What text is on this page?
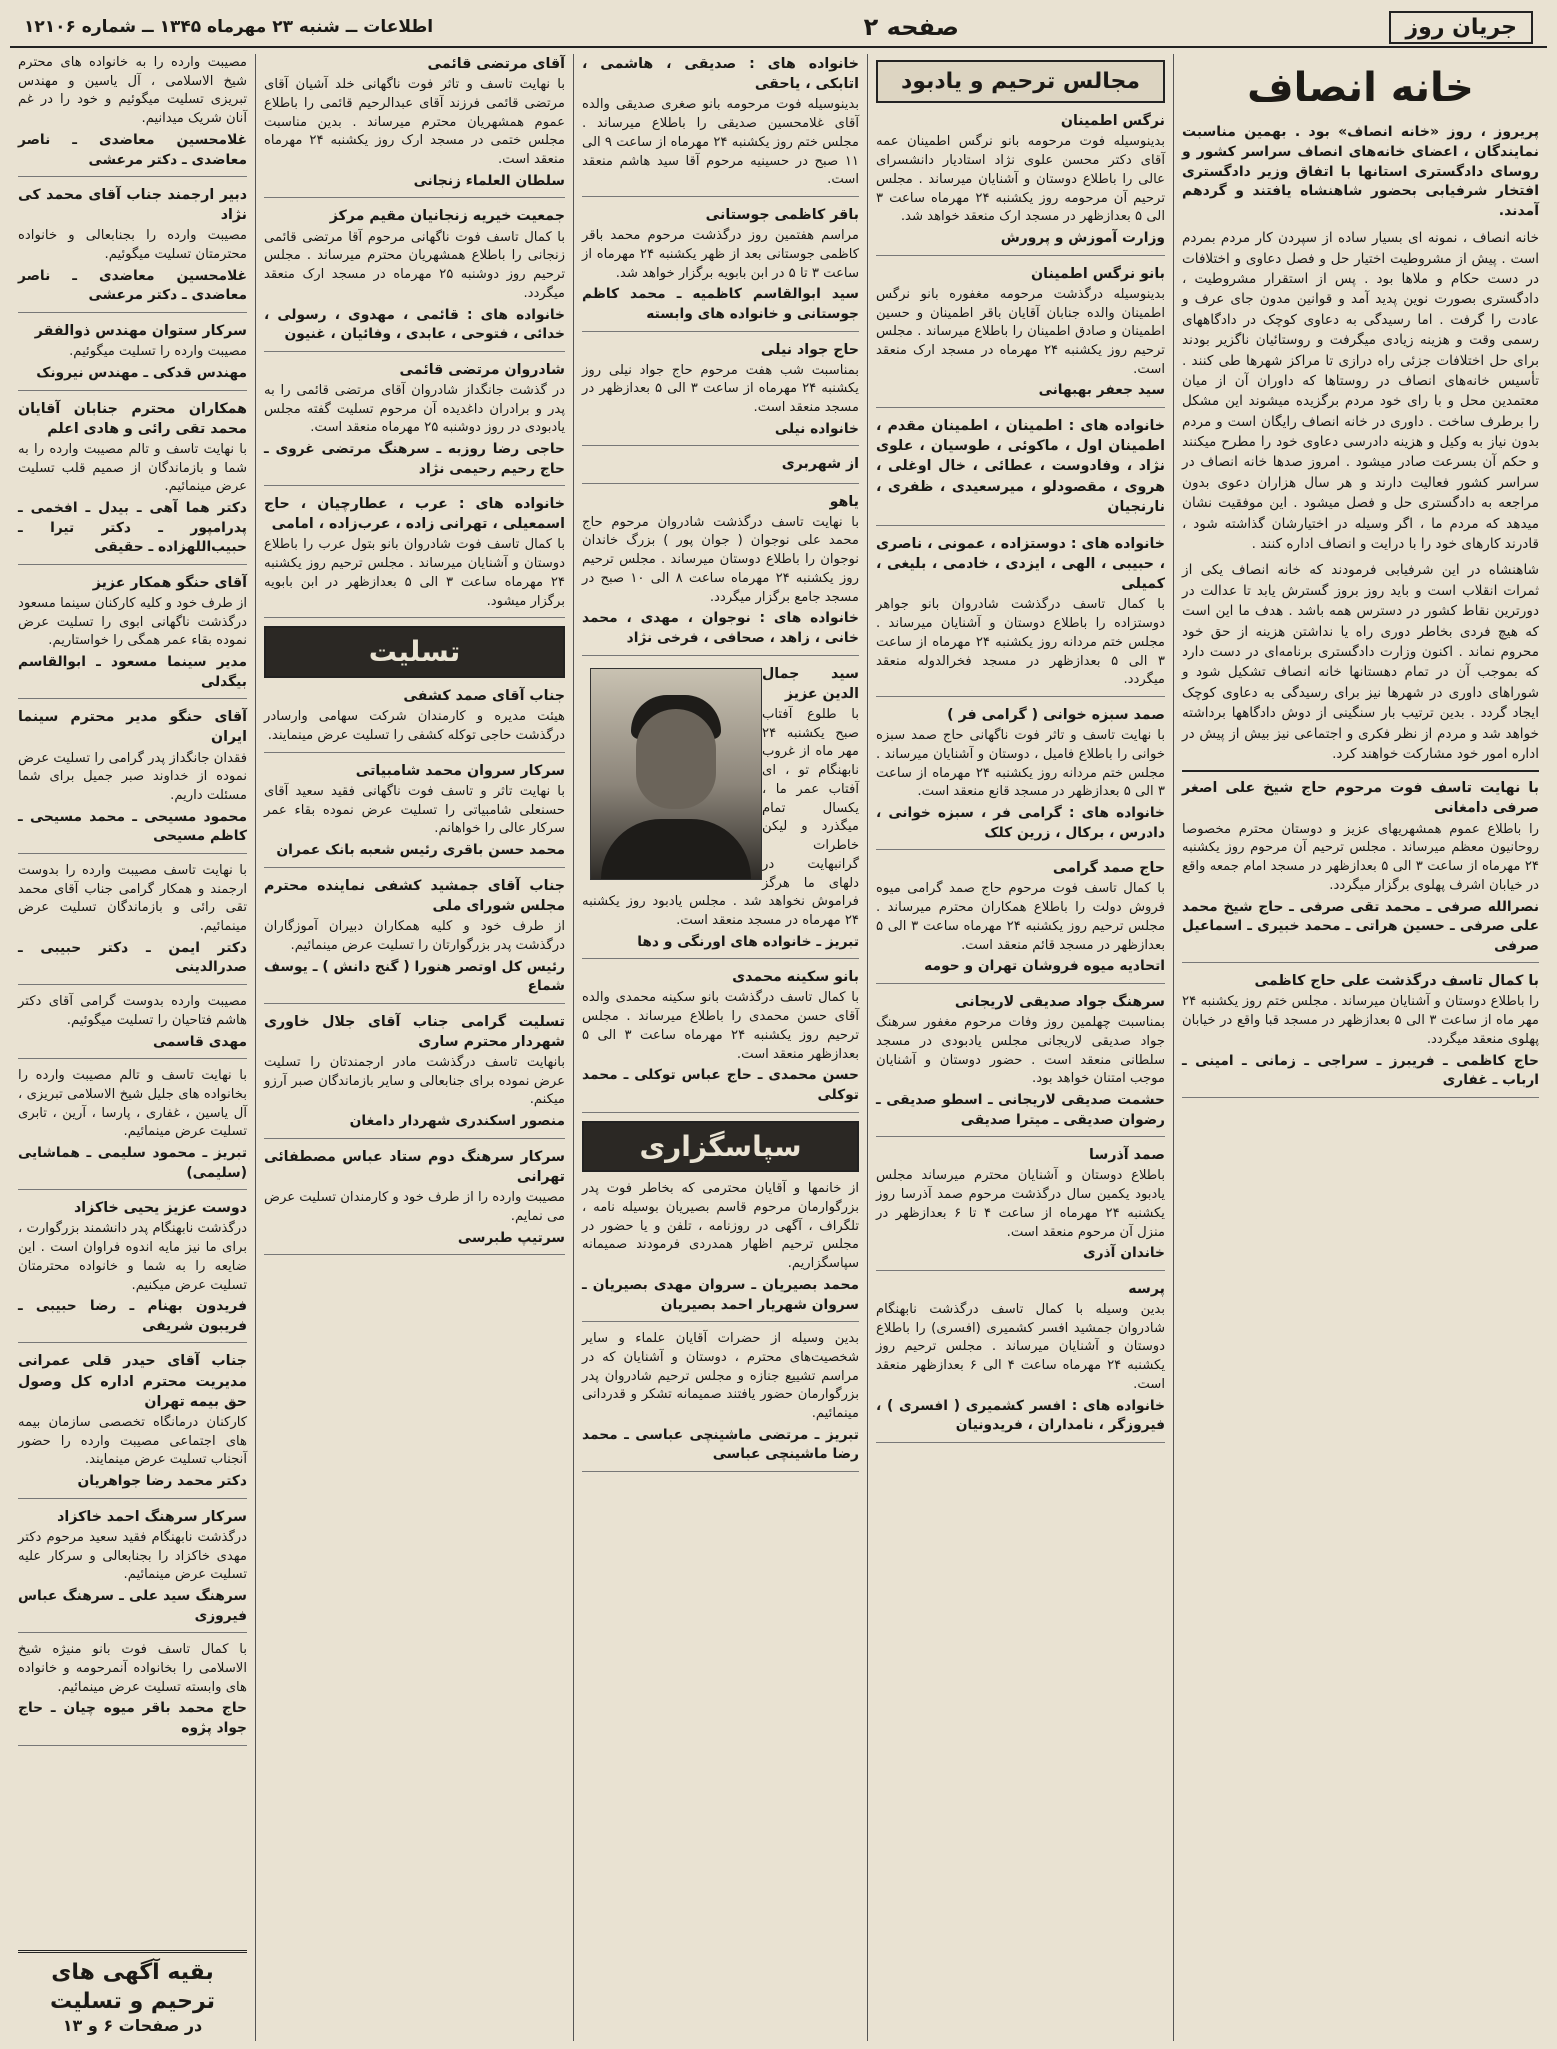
جریان روز
صفحه ۲
اطلاعات ــ شنبه ۲۳ مهرماه ۱۳۴۵ ــ شماره ۱۲۱۰۶
خانه انصاف
پریروز ، روز «خانه انصاف» بود . بهمین مناسبت نمایندگان ، اعضای خانه‌های انصاف سراسر کشور و روسای دادگستری استانها با اتفاق وزیر دادگستری افتخار شرفیابی بحضور شاهنشاه یافتند و گردهم آمدند.
خانه انصاف ، نمونه ای بسیار ساده از سپردن کار مردم بمردم است . پیش از مشروطیت اختیار حل و فصل دعاوی و اختلافات در دست حکام و ملاها بود . پس از استقرار مشروطیت ، دادگستری بصورت نوین پدید آمد و قوانین مدون جای عرف و عادت را گرفت . اما رسیدگی به دعاوی کوچک در دادگاههای رسمی وقت و هزینه زیادی میگرفت و روستائیان ناگزیر بودند برای حل اختلافات جزئی راه درازی تا مراکز شهرها طی کنند . تأسیس خانه‌های انصاف در روستاها که داوران آن از میان معتمدین محل و با رای خود مردم برگزیده میشوند این مشکل را برطرف ساخت . داوری در خانه انصاف رایگان است و مردم بدون نیاز به وکیل و هزینه دادرسی دعاوی خود را مطرح میکنند و حکم آن بسرعت صادر میشود . امروز صدها خانه انصاف در سراسر کشور فعالیت دارند و هر سال هزاران دعوی بدون مراجعه به دادگستری حل و فصل میشود . این موفقیت نشان میدهد که مردم ما ، اگر وسیله در اختیارشان گذاشته شود ، قادرند کارهای خود را با درایت و انصاف اداره کنند .
شاهنشاه در این شرفیابی فرمودند که خانه انصاف یکی از ثمرات انقلاب است و باید روز بروز گسترش یابد تا عدالت در دورترین نقاط کشور در دسترس همه باشد . هدف ما این است که هیچ فردی بخاطر دوری راه یا نداشتن هزینه از حق خود محروم نماند . اکنون وزارت دادگستری برنامه‌ای در دست دارد که بموجب آن در تمام دهستانها خانه انصاف تشکیل شود و شوراهای داوری در شهرها نیز برای رسیدگی به دعاوی کوچک ایجاد گردد . بدین ترتیب بار سنگینی از دوش دادگاهها برداشته خواهد شد و مردم از نظر فکری و اجتماعی نیز بیش از پیش در اداره امور خود مشارکت خواهند کرد.
با نهایت تاسف فوت مرحوم حاج شیخ علی اصغر صرفی دامغانی
را باطلاع عموم همشهریهای عزیز و دوستان محترم مخصوصا روحانیون معظم میرساند . مجلس ترحیم آن مرحوم روز یکشنبه ۲۴ مهرماه از ساعت ۳ الی ۵ بعدازظهر در مسجد امام جمعه واقع در خیابان اشرف پهلوی برگزار میگردد.
نصرالله صرفی ـ محمد تقی صرفی ـ حاج شیخ محمد علی صرفی ـ حسین هراتی ـ محمد خبیری ـ اسماعیل صرفی
با کمال تاسف درگذشت علی حاج کاظمی
را باطلاع دوستان و آشنایان میرساند . مجلس ختم روز یکشنبه ۲۴ مهر ماه از ساعت ۳ الی ۵ بعدازظهر در مسجد قبا واقع در خیابان پهلوی منعقد میگردد.
حاج کاظمی ـ فریبرز ـ سراجی ـ زمانی ـ امینی ـ ارباب ـ غفاری
مجالس ترحیم و یادبود
نرگس اطمینان
بدینوسیله فوت مرحومه بانو نرگس اطمینان عمه آقای دکتر محسن علوی نژاد استادیار دانشسرای عالی را باطلاع دوستان و آشنایان میرساند . مجلس ترحیم آن مرحومه روز یکشنبه ۲۴ مهرماه ساعت ۳ الی ۵ بعدازظهر در مسجد ارک منعقد خواهد شد.
وزارت آموزش و پرورش
بانو نرگس اطمینان
بدینوسیله درگذشت مرحومه مغفوره بانو نرگس اطمینان والده جنابان آقایان باقر اطمینان و حسین اطمینان و صادق اطمینان را باطلاع میرساند . مجلس ترحیم روز یکشنبه ۲۴ مهرماه در مسجد ارک منعقد است.
سید جعفر بهبهانی
خانواده های : اطمینان ، اطمینان مقدم ، اطمینان اول ، ماکوئی ، طوسیان ، علوی نژاد ، وفادوست ، عطائی ، خال اوغلی ، هروی ، مقصودلو ، میرسعیدی ، ظفری ، نارنجیان
خانواده های : دوستزاده ، عمونی ، ناصری ، حبیبی ، الهی ، ایزدی ، خادمی ، بلیغی ، کمیلی
با کمال تاسف درگذشت شادروان بانو جواهر دوستزاده را باطلاع دوستان و آشنایان میرساند . مجلس ختم مردانه روز یکشنبه ۲۴ مهرماه از ساعت ۳ الی ۵ بعدازظهر در مسجد فخرالدوله منعقد میگردد.
صمد سبزه خوانی ( گرامی فر )
با نهایت تاسف و تاثر فوت ناگهانی حاج صمد سبزه خوانی را باطلاع فامیل ، دوستان و آشنایان میرساند . مجلس ختم مردانه روز یکشنبه ۲۴ مهرماه از ساعت ۳ الی ۵ بعدازظهر در مسجد قانع منعقد است.
خانواده های : گرامی فر ، سبزه خوانی ، دادرس ، برکال ، زرین کلک
حاج صمد گرامی
با کمال تاسف فوت مرحوم حاج صمد گرامی میوه فروش دولت را باطلاع همکاران محترم میرساند . مجلس ترحیم روز یکشنبه ۲۴ مهرماه ساعت ۳ الی ۵ بعدازظهر در مسجد قائم منعقد است.
اتحادیه میوه فروشان تهران و حومه
سرهنگ جواد صدیقی لاریجانی
بمناسبت چهلمین روز وفات مرحوم مغفور سرهنگ جواد صدیقی لاریجانی مجلس یادبودی در مسجد سلطانی منعقد است . حضور دوستان و آشنایان موجب امتنان خواهد بود.
حشمت صدیقی لاریجانی ـ اسطو صدیقی ـ رضوان صدیقی ـ میترا صدیقی
صمد آذرسا
باطلاع دوستان و آشنایان محترم میرساند مجلس یادبود یکمین سال درگذشت مرحوم صمد آذرسا روز یکشنبه ۲۴ مهرماه از ساعت ۴ تا ۶ بعدازظهر در منزل آن مرحوم منعقد است.
خاندان آذری
پرسه
بدین وسیله با کمال تاسف درگذشت نابهنگام شادروان جمشید افسر کشمیری (افسری) را باطلاع دوستان و آشنایان میرساند . مجلس ترحیم روز یکشنبه ۲۴ مهرماه ساعت ۴ الی ۶ بعدازظهر منعقد است.
خانواده های : افسر کشمیری ( افسری ) ، فیروزگر ، نامداران ، فریدونیان
خانواده های : صدیقی ، هاشمی ، اتابکی ، یاحقی
بدینوسیله فوت مرحومه بانو صغری صدیقی والده آقای غلامحسین صدیقی را باطلاع میرساند . مجلس ختم روز یکشنبه ۲۴ مهرماه از ساعت ۹ الی ۱۱ صبح در حسینیه مرحوم آقا سید هاشم منعقد است.
باقر کاظمی جوستانی
مراسم هفتمین روز درگذشت مرحوم محمد باقر کاظمی جوستانی بعد از ظهر یکشنبه ۲۴ مهرماه از ساعت ۳ تا ۵ در ابن بابویه برگزار خواهد شد.
سید ابوالقاسم کاظمیه ـ محمد کاظم جوستانی و خانواده های وابسته
حاج جواد نیلی
بمناسبت شب هفت مرحوم حاج جواد نیلی روز یکشنبه ۲۴ مهرماه از ساعت ۳ الی ۵ بعدازظهر در مسجد منعقد است.
خانواده نیلی
از شهربری
یاهو
با نهایت تاسف درگذشت شادروان مرحوم حاج محمد علی نوجوان ( جوان پور ) بزرگ خاندان نوجوان را باطلاع دوستان میرساند . مجلس ترحیم روز یکشنبه ۲۴ مهرماه ساعت ۸ الی ۱۰ صبح در مسجد جامع برگزار میگردد.
خانواده های : نوجوان ، مهدی ، محمد خانی ، زاهد ، صحافی ، فرخی نژاد
سید جمال الدین عزیز
با طلوع آفتاب صبح یکشنبه ۲۴ مهر ماه از غروب نابهنگام تو ، ای آفتاب عمر ما ، یکسال تمام میگذرد و لیکن خاطرات گرانبهایت در دلهای ما هرگز فراموش نخواهد شد . مجلس یادبود روز یکشنبه ۲۴ مهرماه در مسجد منعقد است.
تبریز ـ خانواده های اورنگی و دها
بانو سکینه محمدی
با کمال تاسف درگذشت بانو سکینه محمدی والده آقای حسن محمدی را باطلاع میرساند . مجلس ترحیم روز یکشنبه ۲۴ مهرماه ساعت ۳ الی ۵ بعدازظهر منعقد است.
حسن محمدی ـ حاج عباس توکلی ـ محمد توکلی
سپاسگزاری
از خانمها و آقایان محترمی که بخاطر فوت پدر بزرگوارمان مرحوم قاسم بصیریان بوسیله نامه ، تلگراف ، آگهی در روزنامه ، تلفن و یا حضور در مجلس ترحیم اظهار همدردی فرمودند صمیمانه سپاسگزاریم.
محمد بصیریان ـ سروان مهدی بصیریان ـ سروان شهریار احمد بصیریان
بدین وسیله از حضرات آقایان علماء و سایر شخصیت‌های محترم ، دوستان و آشنایان که در مراسم تشییع جنازه و مجلس ترحیم شادروان پدر بزرگوارمان حضور یافتند صمیمانه تشکر و قدردانی مینمائیم.
تبریز ـ مرتضی ماشینچی عباسی ـ محمد رضا ماشینچی عباسی
آقای مرتضی قائمی
با نهایت تاسف و تاثر فوت ناگهانی خلد آشیان آقای مرتضی قائمی فرزند آقای عبدالرحیم قائمی را باطلاع عموم همشهریان محترم میرساند . بدین مناسبت مجلس ختمی در مسجد ارک روز یکشنبه ۲۴ مهرماه منعقد است.
سلطان العلماء زنجانی
جمعیت خیریه زنجانیان مقیم مرکز
با کمال تاسف فوت ناگهانی مرحوم آقا مرتضی قائمی زنجانی را باطلاع همشهریان محترم میرساند . مجلس ترحیم روز دوشنبه ۲۵ مهرماه در مسجد ارک منعقد میگردد.
خانواده های : قائمی ، مهدوی ، رسولی ، خدائی ، فتوحی ، عابدی ، وفائیان ، غنیون
شادروان مرتضی قائمی
در گذشت جانگداز شادروان آقای مرتضی قائمی را به پدر و برادران داغدیده آن مرحوم تسلیت گفته مجلس یادبودی در روز دوشنبه ۲۵ مهرماه منعقد است.
حاجی رضا روزبه ـ سرهنگ مرتضی غروی ـ حاج رحیم رحیمی نژاد
خانواده های : عرب ، عطارچیان ، حاج اسمعیلی ، تهرانی زاده ، عرب‌زاده ، امامی
با کمال تاسف فوت شادروان بانو بتول عرب را باطلاع دوستان و آشنایان میرساند . مجلس ترحیم روز یکشنبه ۲۴ مهرماه ساعت ۳ الی ۵ بعدازظهر در ابن بابویه برگزار میشود.
تسلیت
جناب آقای صمد کشفی
هیئت مدیره و کارمندان شرکت سهامی وارسادر درگذشت حاجی توکله کشفی را تسلیت عرض مینمایند.
سرکار سروان محمد شامبیاتی
با نهایت تاثر و تاسف فوت ناگهانی فقید سعید آقای حسنعلی شامبیاتی را تسلیت عرض نموده بقاء عمر سرکار عالی را خواهانم.
محمد حسن باقری رئیس شعبه بانک عمران
جناب آقای جمشید کشفی نماینده محترم مجلس شورای ملی
از طرف خود و کلیه همکاران دبیران آموزگاران درگذشت پدر بزرگوارتان را تسلیت عرض مینمائیم.
رئیس کل اوتصر هنورا ( گنج دانش ) ـ یوسف شماع
تسلیت گرامی جناب آقای جلال خاوری شهردار محترم ساری
بانهایت تاسف درگذشت مادر ارجمندتان را تسلیت عرض نموده برای جنابعالی و سایر بازماندگان صبر آرزو میکنم.
منصور اسکندری شهردار دامغان
سرکار سرهنگ دوم ستاد عباس مصطفائی تهرانی
مصیبت وارده را از طرف خود و کارمندان تسلیت عرض می نمایم.
سرتیپ طبرسی
مصیبت وارده را به خانواده های محترم شیخ الاسلامی ، آل یاسین و مهندس تبریزی تسلیت میگوئیم و خود را در غم آنان شریک میدانیم.
غلامحسین معاضدی ـ ناصر معاضدی ـ دکتر مرعشی
دبیر ارجمند جناب آقای محمد کی نژاد
مصیبت وارده را بجنابعالی و خانواده محترمتان تسلیت میگوئیم.
غلامحسین معاضدی ـ ناصر معاضدی ـ دکتر مرعشی
سرکار ستوان مهندس ذوالفقر
مصیبت وارده را تسلیت میگوئیم.
مهندس قدکی ـ مهندس نیرونک
همکاران محترم جنابان آقایان محمد تقی رائی و هادی اعلم
با نهایت تاسف و تالم مصیبت وارده را به شما و بازماندگان از صمیم قلب تسلیت عرض مینمائیم.
دکتر هما آهی ـ بیدل ـ افخمی ـ پدرامپور ـ دکتر تیرا ـ حبیب‌اللهزاده ـ حقیقی
آقای حنگو همکار عزیز
از طرف خود و کلیه کارکنان سینما مسعود درگذشت ناگهانی ابوی را تسلیت عرض نموده بقاء عمر همگی را خواستاریم.
مدیر سینما مسعود ـ ابوالقاسم بیگدلی
آقای حنگو مدیر محترم سینما ایران
فقدان جانگداز پدر گرامی را تسلیت عرض نموده از خداوند صبر جمیل برای شما مسئلت داریم.
محمود مسیحی ـ محمد مسیحی ـ کاظم مسیحی
با نهایت تاسف مصیبت وارده را بدوست ارجمند و همکار گرامی جناب آقای محمد تقی رائی و بازماندگان تسلیت عرض مینمائیم.
دکتر ایمن ـ دکتر حبیبی ـ صدرالدینی
مصیبت وارده بدوست گرامی آقای دکتر هاشم فتاحیان را تسلیت میگوئیم.
مهدی قاسمی
با نهایت تاسف و تالم مصیبت وارده را بخانواده های جلیل شیخ الاسلامی تبریزی ، آل یاسین ، غفاری ، پارسا ، آرین ، تابری تسلیت عرض مینمائیم.
تبریز ـ محمود سلیمی ـ هماشایی (سلیمی)
دوست عزیز یحیی خاکزاد
درگذشت نابهنگام پدر دانشمند بزرگوارت ، برای ما نیز مایه اندوه فراوان است . این ضایعه را به شما و خانواده محترمتان تسلیت عرض میکنیم.
فریدون بهنام ـ رضا حبیبی ـ فریبون شریفی
جناب آقای حیدر قلی عمرانی مدیریت محترم اداره کل وصول حق بیمه تهران
کارکنان درمانگاه تخصصی سازمان بیمه های اجتماعی مصیبت وارده را حضور آنجناب تسلیت عرض مینمایند.
دکتر محمد رضا جواهریان
سرکار سرهنگ احمد خاکزاد
درگذشت نابهنگام فقید سعید مرحوم دکتر مهدی خاکزاد را بجنابعالی و سرکار علیه تسلیت عرض مینمائیم.
سرهنگ سید علی ـ سرهنگ عباس فیروزی
با کمال تاسف فوت بانو منیژه شیخ الاسلامی را بخانواده آنمرحومه و خانواده های وابسته تسلیت عرض مینمائیم.
حاج محمد باقر میوه چیان ـ حاج جواد پژوه
بقیه آگهی های ترحیم و تسلیت
در صفحات ۶ و ۱۳
